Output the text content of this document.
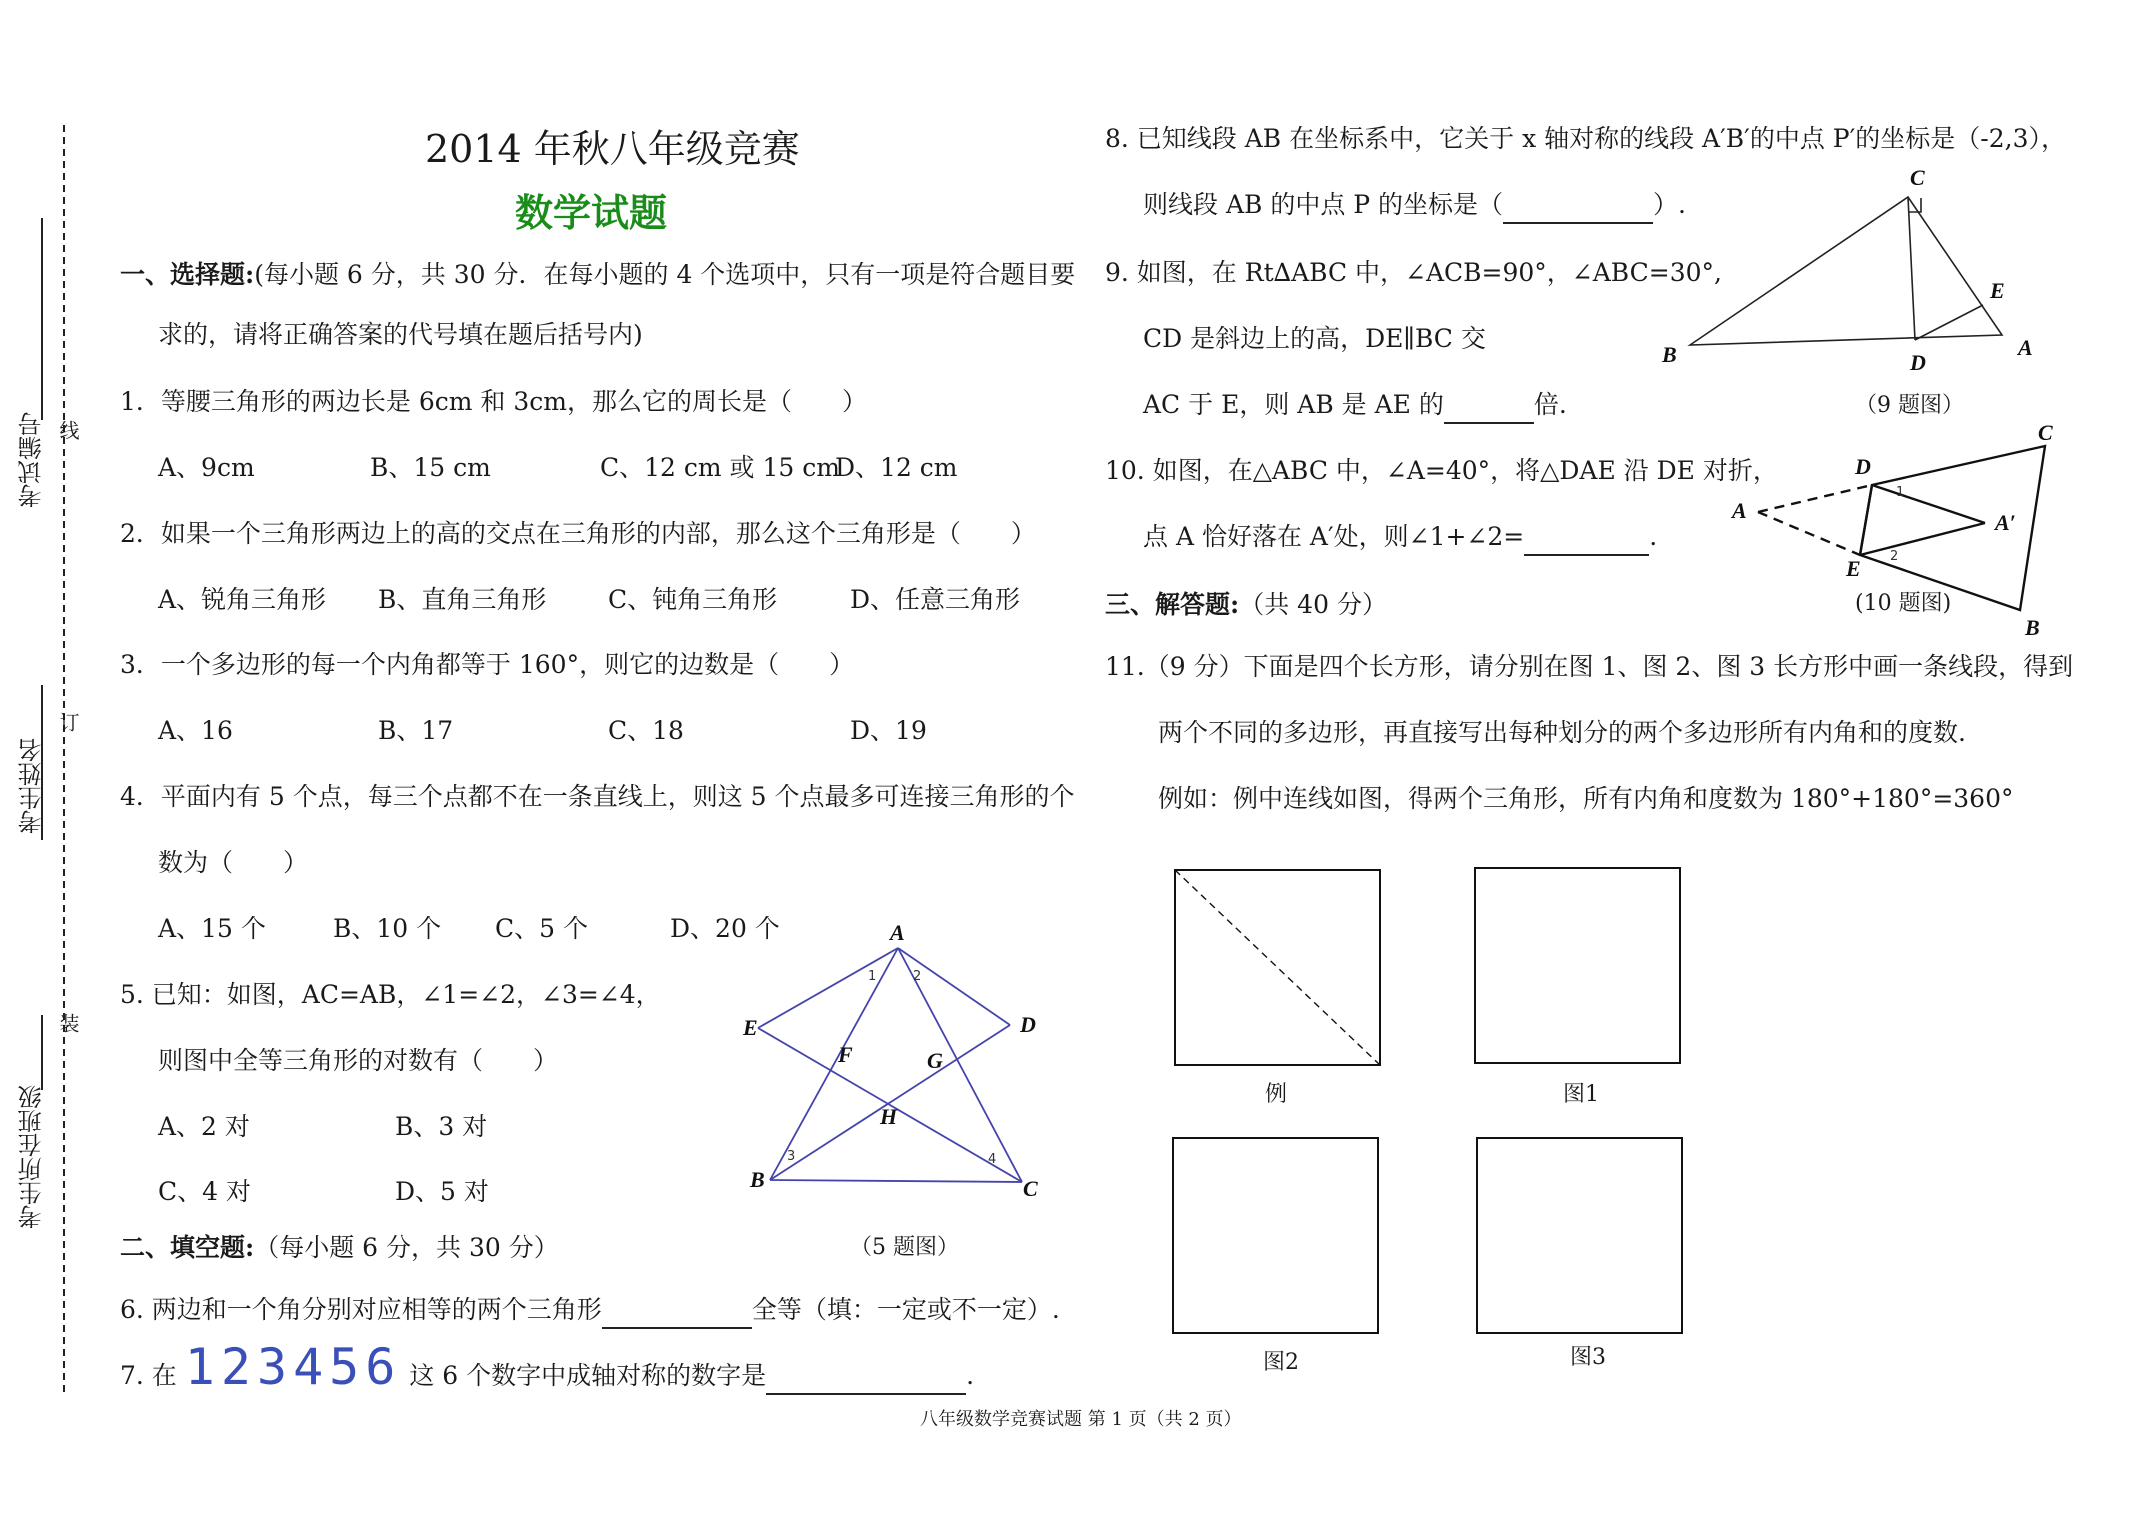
考试编号
考生姓名
考生所在班级
线
订
装
2014 年秋八年级竞赛
数学试题
一、选择题:(每小题 6 分，共 30 分．在每小题的 4 个选项中，只有一项是符合题目要
求的，请将正确答案的代号填在题后括号内)
1．等腰三角形的两边长是 6cm 和 3cm，那么它的周长是（　　）
A、9cm	B、15 cm	C、12 cm 或 15 cm
D、12 cm
2．如果一个三角形两边上的高的交点在三角形的内部，那么这个三角形是（　　）
A、锐角三角形 B、直角三角形 C、钝角三角形	D、任意三角形
3．一个多边形的每一个内角都等于 160°，则它的边数是（　　）
A、16	B、17	C、18	D、19
4．平面内有 5 个点，每三个点都不在一条直线上，则这 5 个点最多可连接三角形的个
数为（　　）
A、15 个	B、10 个 C、5 个	D、20 个
5. 已知：如图，AC=AB，∠1=∠2，∠3=∠4，
则图中全等三角形的对数有（　　）
A、2 对	B、3 对
C、4 对	D、5 对
A
B	C
D
E
F	G
H
1	2
3	4
（5 题图）
二、填空题:（每小题 6 分，共 30 分）
6. 两边和一个角分别对应相等的两个三角形	全等（填：一定或不一定）.
7. 在 123456 这 6 个数字中成轴对称的数字是	.
8. 已知线段 AB 在坐标系中，它关于 x 轴对称的线段 A′B′的中点 P′的坐标是（-2,3），
则线段 AB 的中点 P 的坐标是（	）.
9. 如图，在 Rt∆ABC 中，∠ACB=90°，∠ABC=30°,
CD 是斜边上的高，DE∥BC 交
AC 于 E，则 AB 是 AE 的	倍.
C
B	D
A
E
（9 题图）
10. 如图，在△ABC 中，∠A=40°，将△DAE 沿 DE 对折，
点 A 恰好落在 A′处，则∠1+∠2=	.
A	A′
C
B
D
E
1
2
(10 题图)
三、解答题:（共 40 分）
11.（9 分）下面是四个长方形，请分别在图 1、图 2、图 3 长方形中画一条线段，得到
两个不同的多边形，再直接写出每种划分的两个多边形所有内角和的度数.
例如：例中连线如图，得两个三角形，所有内角和度数为 180°+180°=360°
例	图1
图2	图3
八年级数学竞赛试题 第 1 页（共 2 页）
